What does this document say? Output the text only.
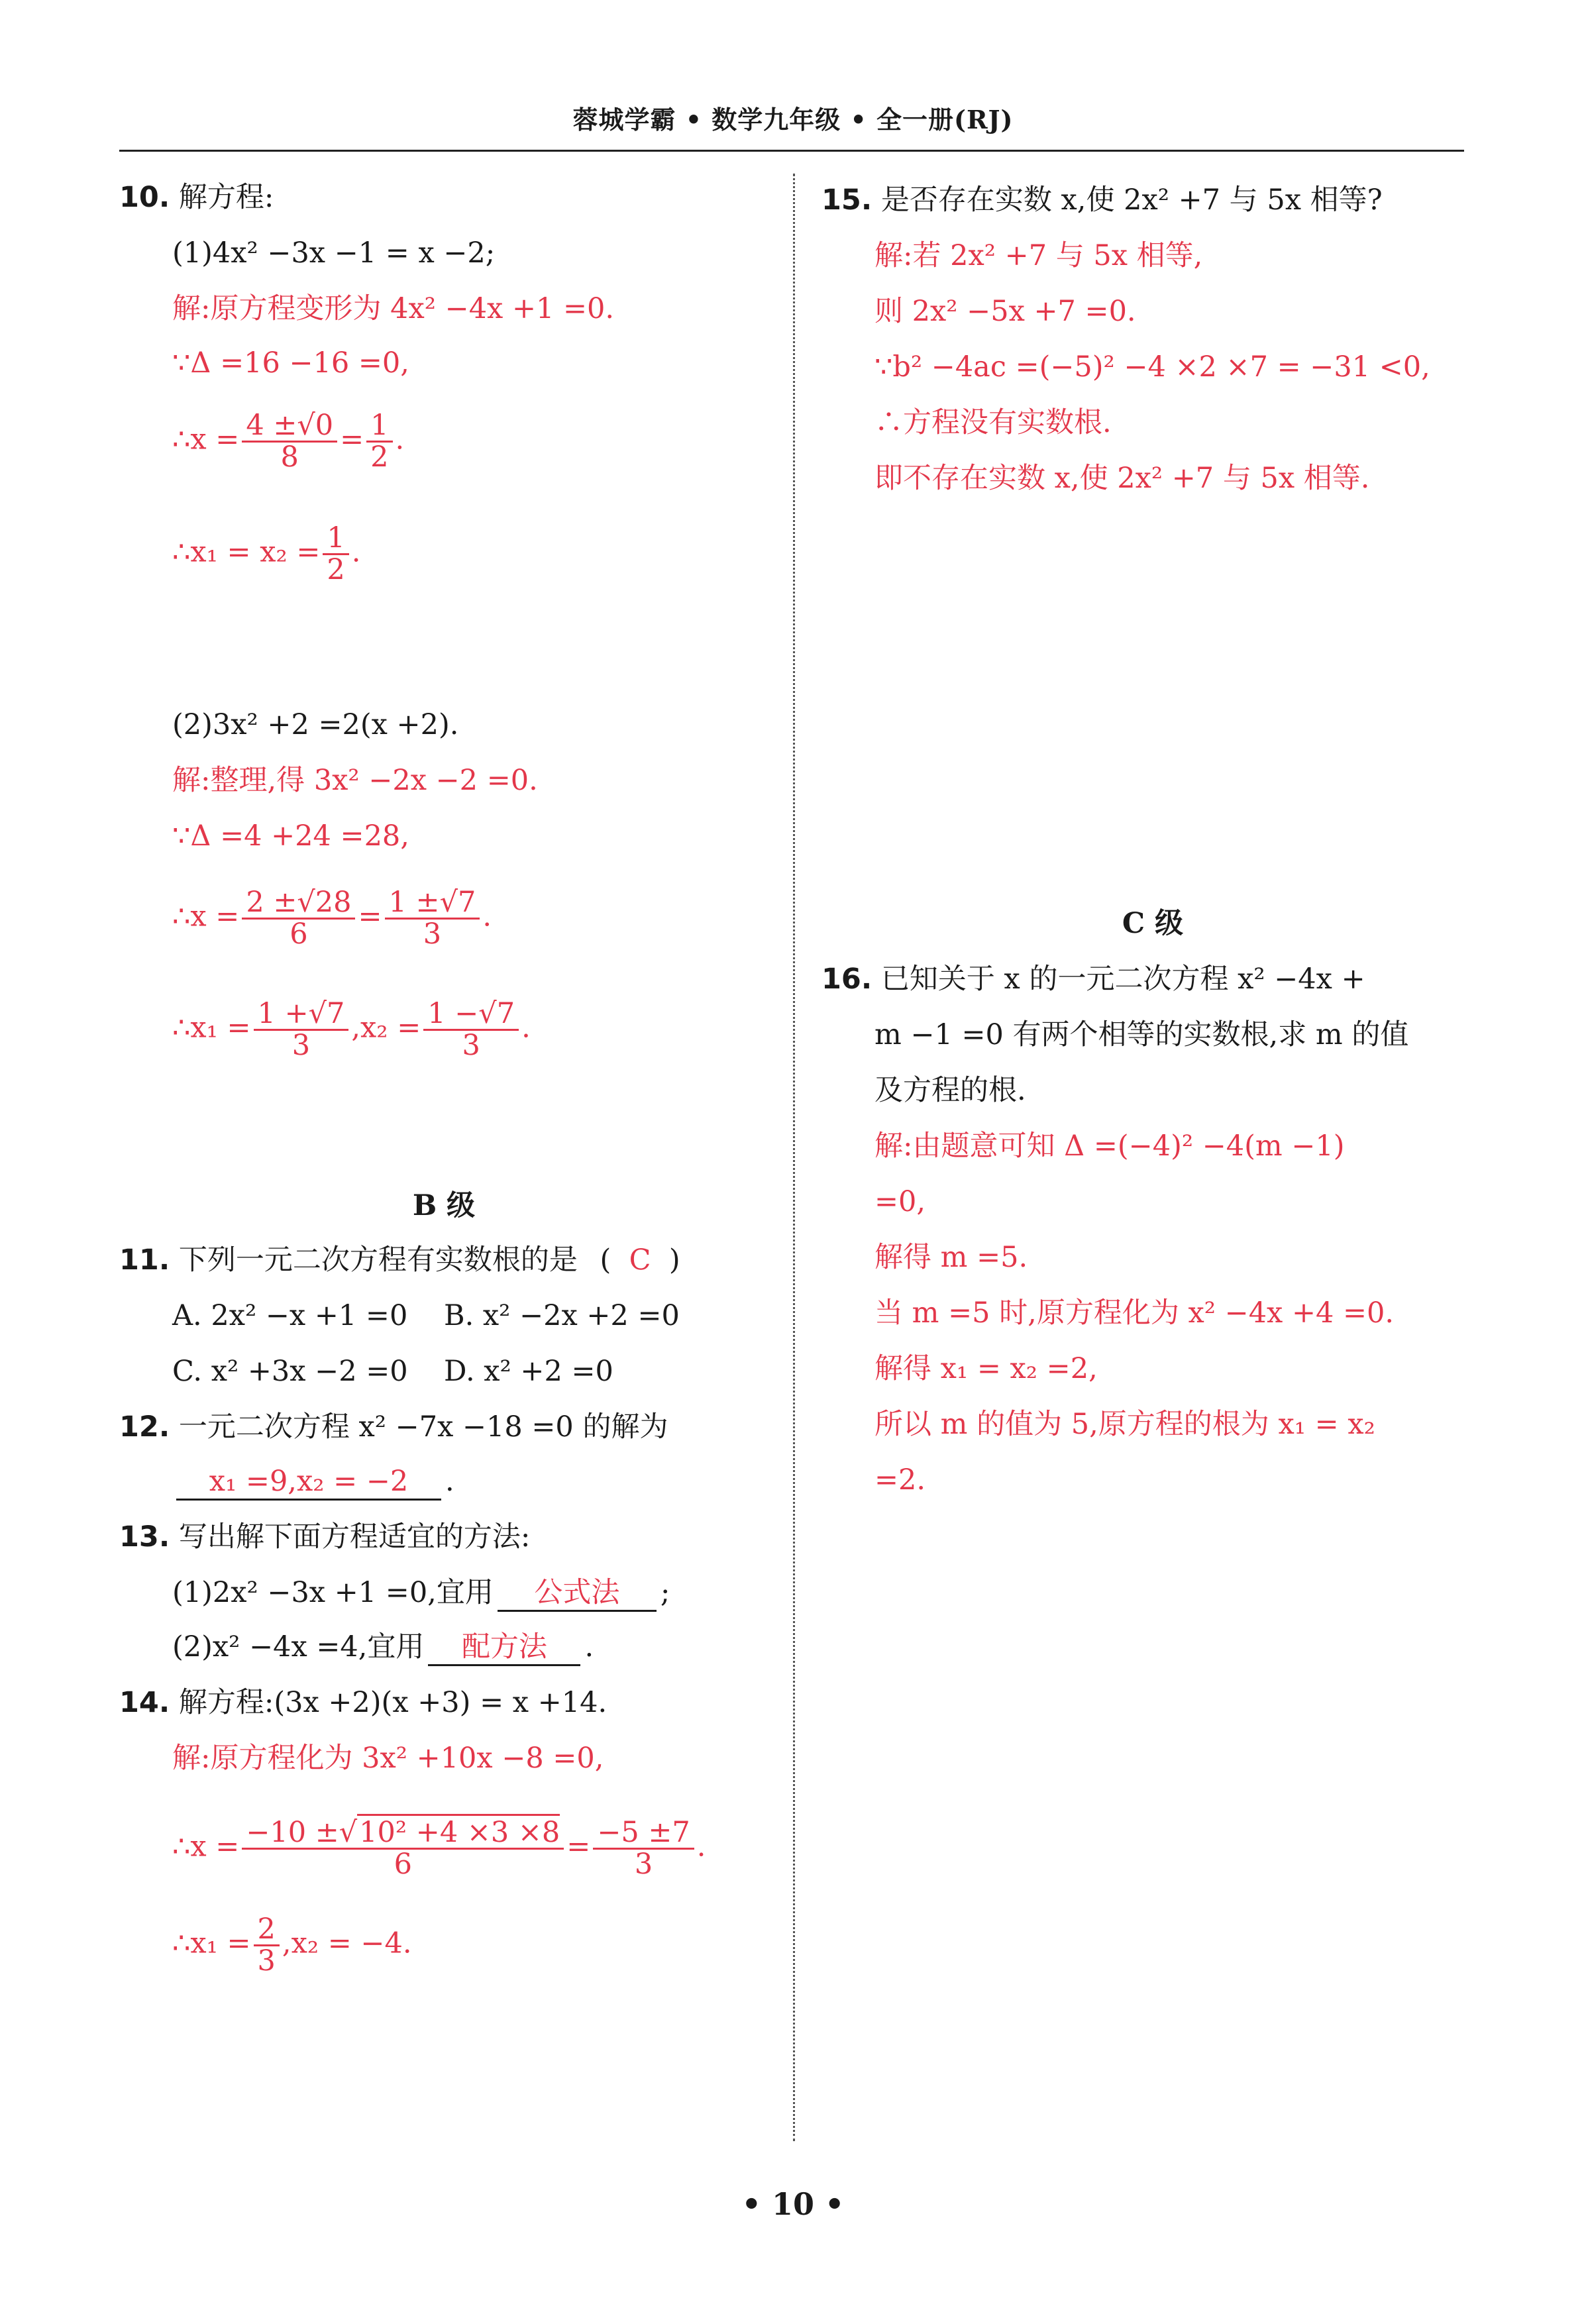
蓉城学霸 • 数学九年级 • 全一册(RJ)
10. 解方程:
(1)4x² −3x −1 = x −2;
解:原方程变形为 4x² −4x +1 =0.
∵Δ =16 −16 =0,
∴x = $\frac{4 \pm√0}{8} = \frac{1}{2}$ .
∴x₁ = $x_2 = \frac{1}{2}$ .
(2)3x² +2 =2(x +2).
解:整理,得 3x² −2x −2 =0.
∵Δ =4 +24 =28,
∴x = $\frac{2 \pm√28}{6} = \frac{1 \pm√7}{3}$ .
∴x₁ = $\frac{1 +√7}{3} ,x_2 = \frac{1 -√7}{3}$ .
B 级
11. 下列一元二次方程有实数根的是 ( C )
A. 2x² −x +1 =0 B. x² −2x +2 =0
C. x² +3x −2 =0 D. x² +2 =0
12. 一元二次方程 x² −7x −18 =0 的解为
x₁ =9,x₂ = −2 .
13. 写出解下面方程适宜的方法:
(1)2x² −3x +1 =0,宜用 公式法 ;
(2)x² −4x =4,宜用 配方法 .
14. 解方程:(3x +2)(x +3) = x +14.
解:原方程化为 3x² +10x −8 =0,
∴x = $\frac{\text{−10 ±√10² +4 ×3 ×8}}{6} = \frac{-5 \pm 7}{3}$ .
∴x₁ = $\frac{2}{3} ,x_2 = -4$.
15. 是否存在实数 x,使 2x² +7 与 5x 相等?
解:若 2x² +7 与 5x 相等,
则 2x² −5x +7 =0.
∵b² −4ac =(−5)² −4 ×2 ×7 = −31 <0,
∴方程没有实数根.
即不存在实数 x,使 2x² +7 与 5x 相等.
C 级
16. 已知关于 x 的一元二次方程 x² −4x +
m −1 =0 有两个相等的实数根,求 m 的值
及方程的根.
解:由题意可知 Δ =(−4)² −4(m −1)
=0,
解得 m =5.
当 m =5 时,原方程化为 x² −4x +4 =0.
解得 x₁ = x₂ =2,
所以 m 的值为 5,原方程的根为 x₁ = x₂
=2.
• 10 •
